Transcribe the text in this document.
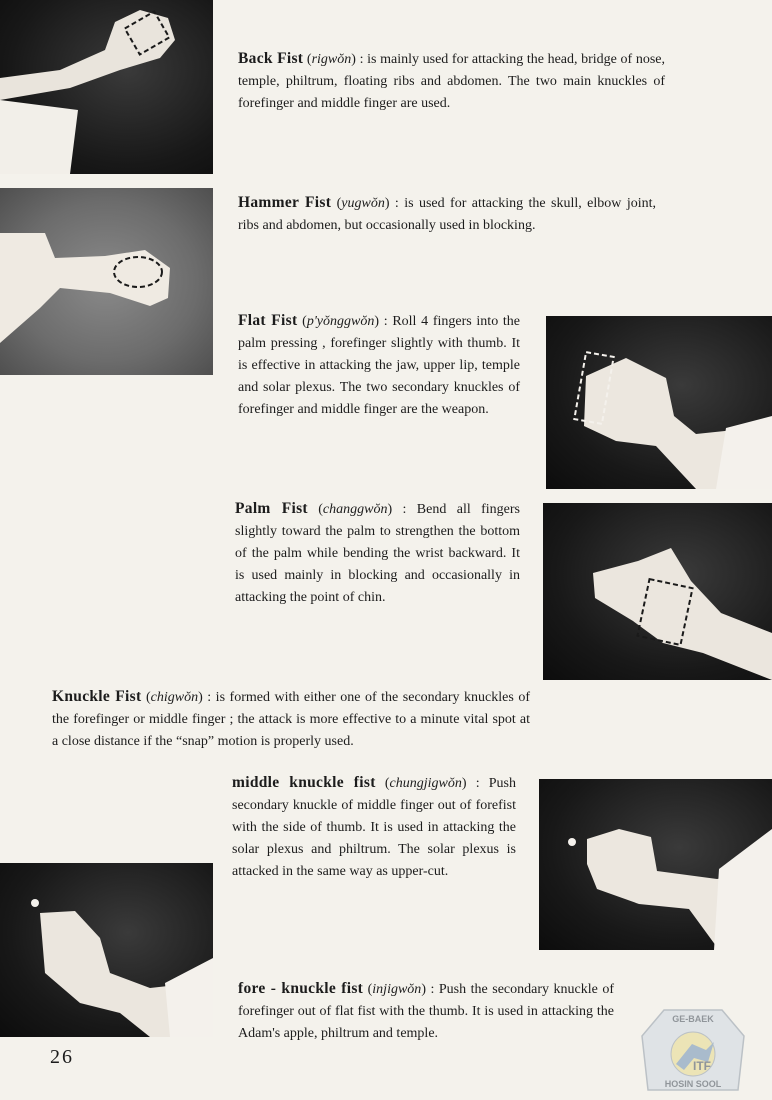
Back Fist (rigwŏn) : is mainly used for attacking the head, bridge of nose, temple, philtrum, floating ribs and abdomen. The two main knuckles of forefinger and middle finger are used.

Hammer Fist (yugwŏn) : is used for attacking the skull, elbow joint, ribs and abdomen, but occasionally used in blocking.

Flat Fist (p'yŏnggwŏn) : Roll 4 fingers into the palm pressing , forefinger slightly with thumb. It is effective in attacking the jaw, upper lip, temple and solar plexus. The two secondary knuckles of forefinger and middle finger are the weapon.

Palm Fist (changgwŏn) : Bend all fingers slightly toward the palm to strengthen the bottom of the palm while bending the wrist backward. It is used mainly in blocking and occasionally in attacking the point of chin.

Knuckle Fist (chigwŏn) : is formed with either one of the secondary knuckles of the forefinger or middle finger ; the attack is more effective to a minute vital spot at a close distance if the “snap” motion is properly used.

middle knuckle fist (chungjigwŏn) : Push secondary knuckle of middle finger out of forefist with the side of thumb. It is used in attacking the solar plexus and philtrum. The solar plexus is attacked in the same way as upper-cut.

fore - knuckle fist (injigwŏn) : Push the secondary knuckle of forefinger out of flat fist with the thumb. It is used in attacking the Adam's apple, philtrum and temple.

26
GE-BAEK
ITF
HOSIN SOOL
